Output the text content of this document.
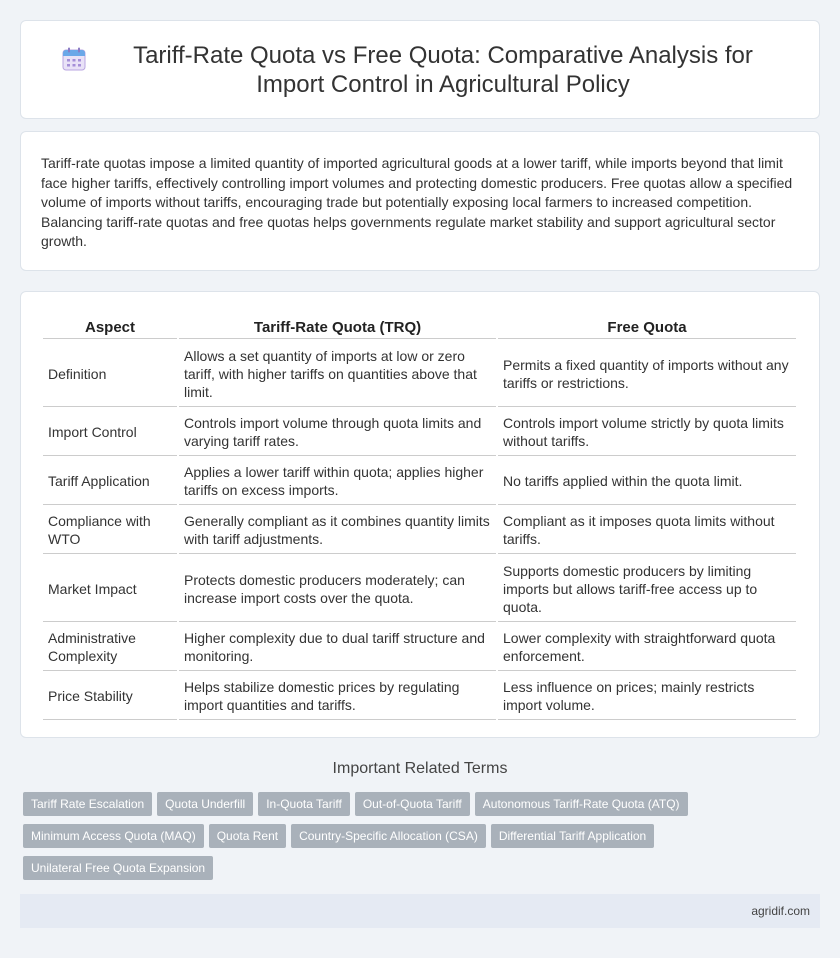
Tariff-Rate Quota vs Free Quota: Comparative Analysis for Import Control in Agricultural Policy

Tariff-rate quotas impose a limited quantity of imported agricultural goods at a lower tariff, while imports beyond that limit face higher tariffs, effectively controlling import volumes and protecting domestic producers. Free quotas allow a specified volume of imports without tariffs, encouraging trade but potentially exposing local farmers to increased competition. Balancing tariff-rate quotas and free quotas helps governments regulate market stability and support agricultural sector growth.

Aspect	Tariff-Rate Quota (TRQ)	Free Quota
Definition	Allows a set quantity of imports at low or zero tariff, with higher tariffs on quantities above that limit.	Permits a fixed quantity of imports without any tariffs or restrictions.
Import Control	Controls import volume through quota limits and varying tariff rates.	Controls import volume strictly by quota limits without tariffs.
Tariff Application	Applies a lower tariff within quota; applies higher tariffs on excess imports.	No tariffs applied within the quota limit.
Compliance with WTO	Generally compliant as it combines quantity limits with tariff adjustments.	Compliant as it imposes quota limits without tariffs.
Market Impact	Protects domestic producers moderately; can increase import costs over the quota.	Supports domestic producers by limiting imports but allows tariff-free access up to quota.
Administrative Complexity	Higher complexity due to dual tariff structure and monitoring.	Lower complexity with straightforward quota enforcement.
Price Stability	Helps stabilize domestic prices by regulating import quantities and tariffs.	Less influence on prices; mainly restricts import volume.
Important Related Terms
Tariff Rate Escalation	Quota Underfill	In-Quota Tariff	Out-of-Quota Tariff	Autonomous Tariff-Rate Quota (ATQ)
Minimum Access Quota (MAQ)	Quota Rent	Country-Specific Allocation (CSA)	Differential Tariff Application
Unilateral Free Quota Expansion
agridif.com
